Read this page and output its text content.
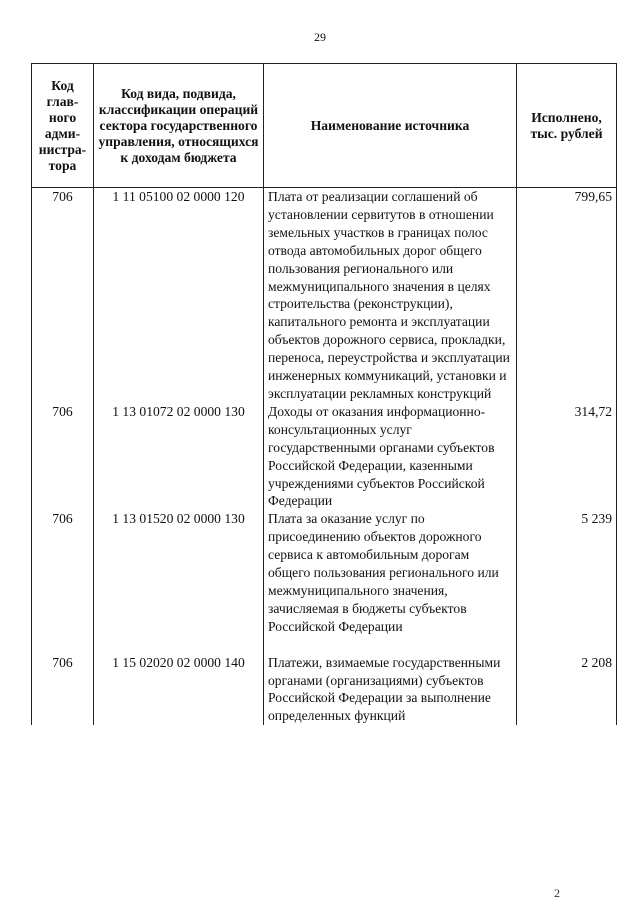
29
Код глав-ного адми-нистра-тора	Код вида, подвида, классификации операций сектора государственного управления, относящихся к доходам бюджета	Наименование источника	Исполнено, тыс. рублей
706	1 11 05100 02 0000 120	Плата от реализации соглашений об установлении сервитутов в отношении земельных участков в границах полос отвода автомобильных дорог общего пользования регионального или межмуниципального значения в целях строительства (реконструкции), капитального ремонта и эксплуатации объектов дорожного сервиса, прокладки, переноса, переустройства и эксплуатации инженерных коммуникаций, установки и эксплуатации рекламных конструкций	799,65
706	1 13 01072 02 0000 130	Доходы от оказания информационно-консультационных услуг государственными органами субъектов Российской Федерации, казенными учреждениями субъектов Российской Федерации	314,72
706	1 13 01520 02 0000 130	Плата за оказание услуг по присоединению объектов дорожного сервиса к автомобильным дорогам общего пользования регионального или межмуниципального значения, зачисляемая в бюджеты субъектов Российской Федерации	5 239
706	1 15 02020 02 0000 140	Платежи, взимаемые государственными органами (организациями) субъектов Российской Федерации за выполнение определенных функций	2 208
2
